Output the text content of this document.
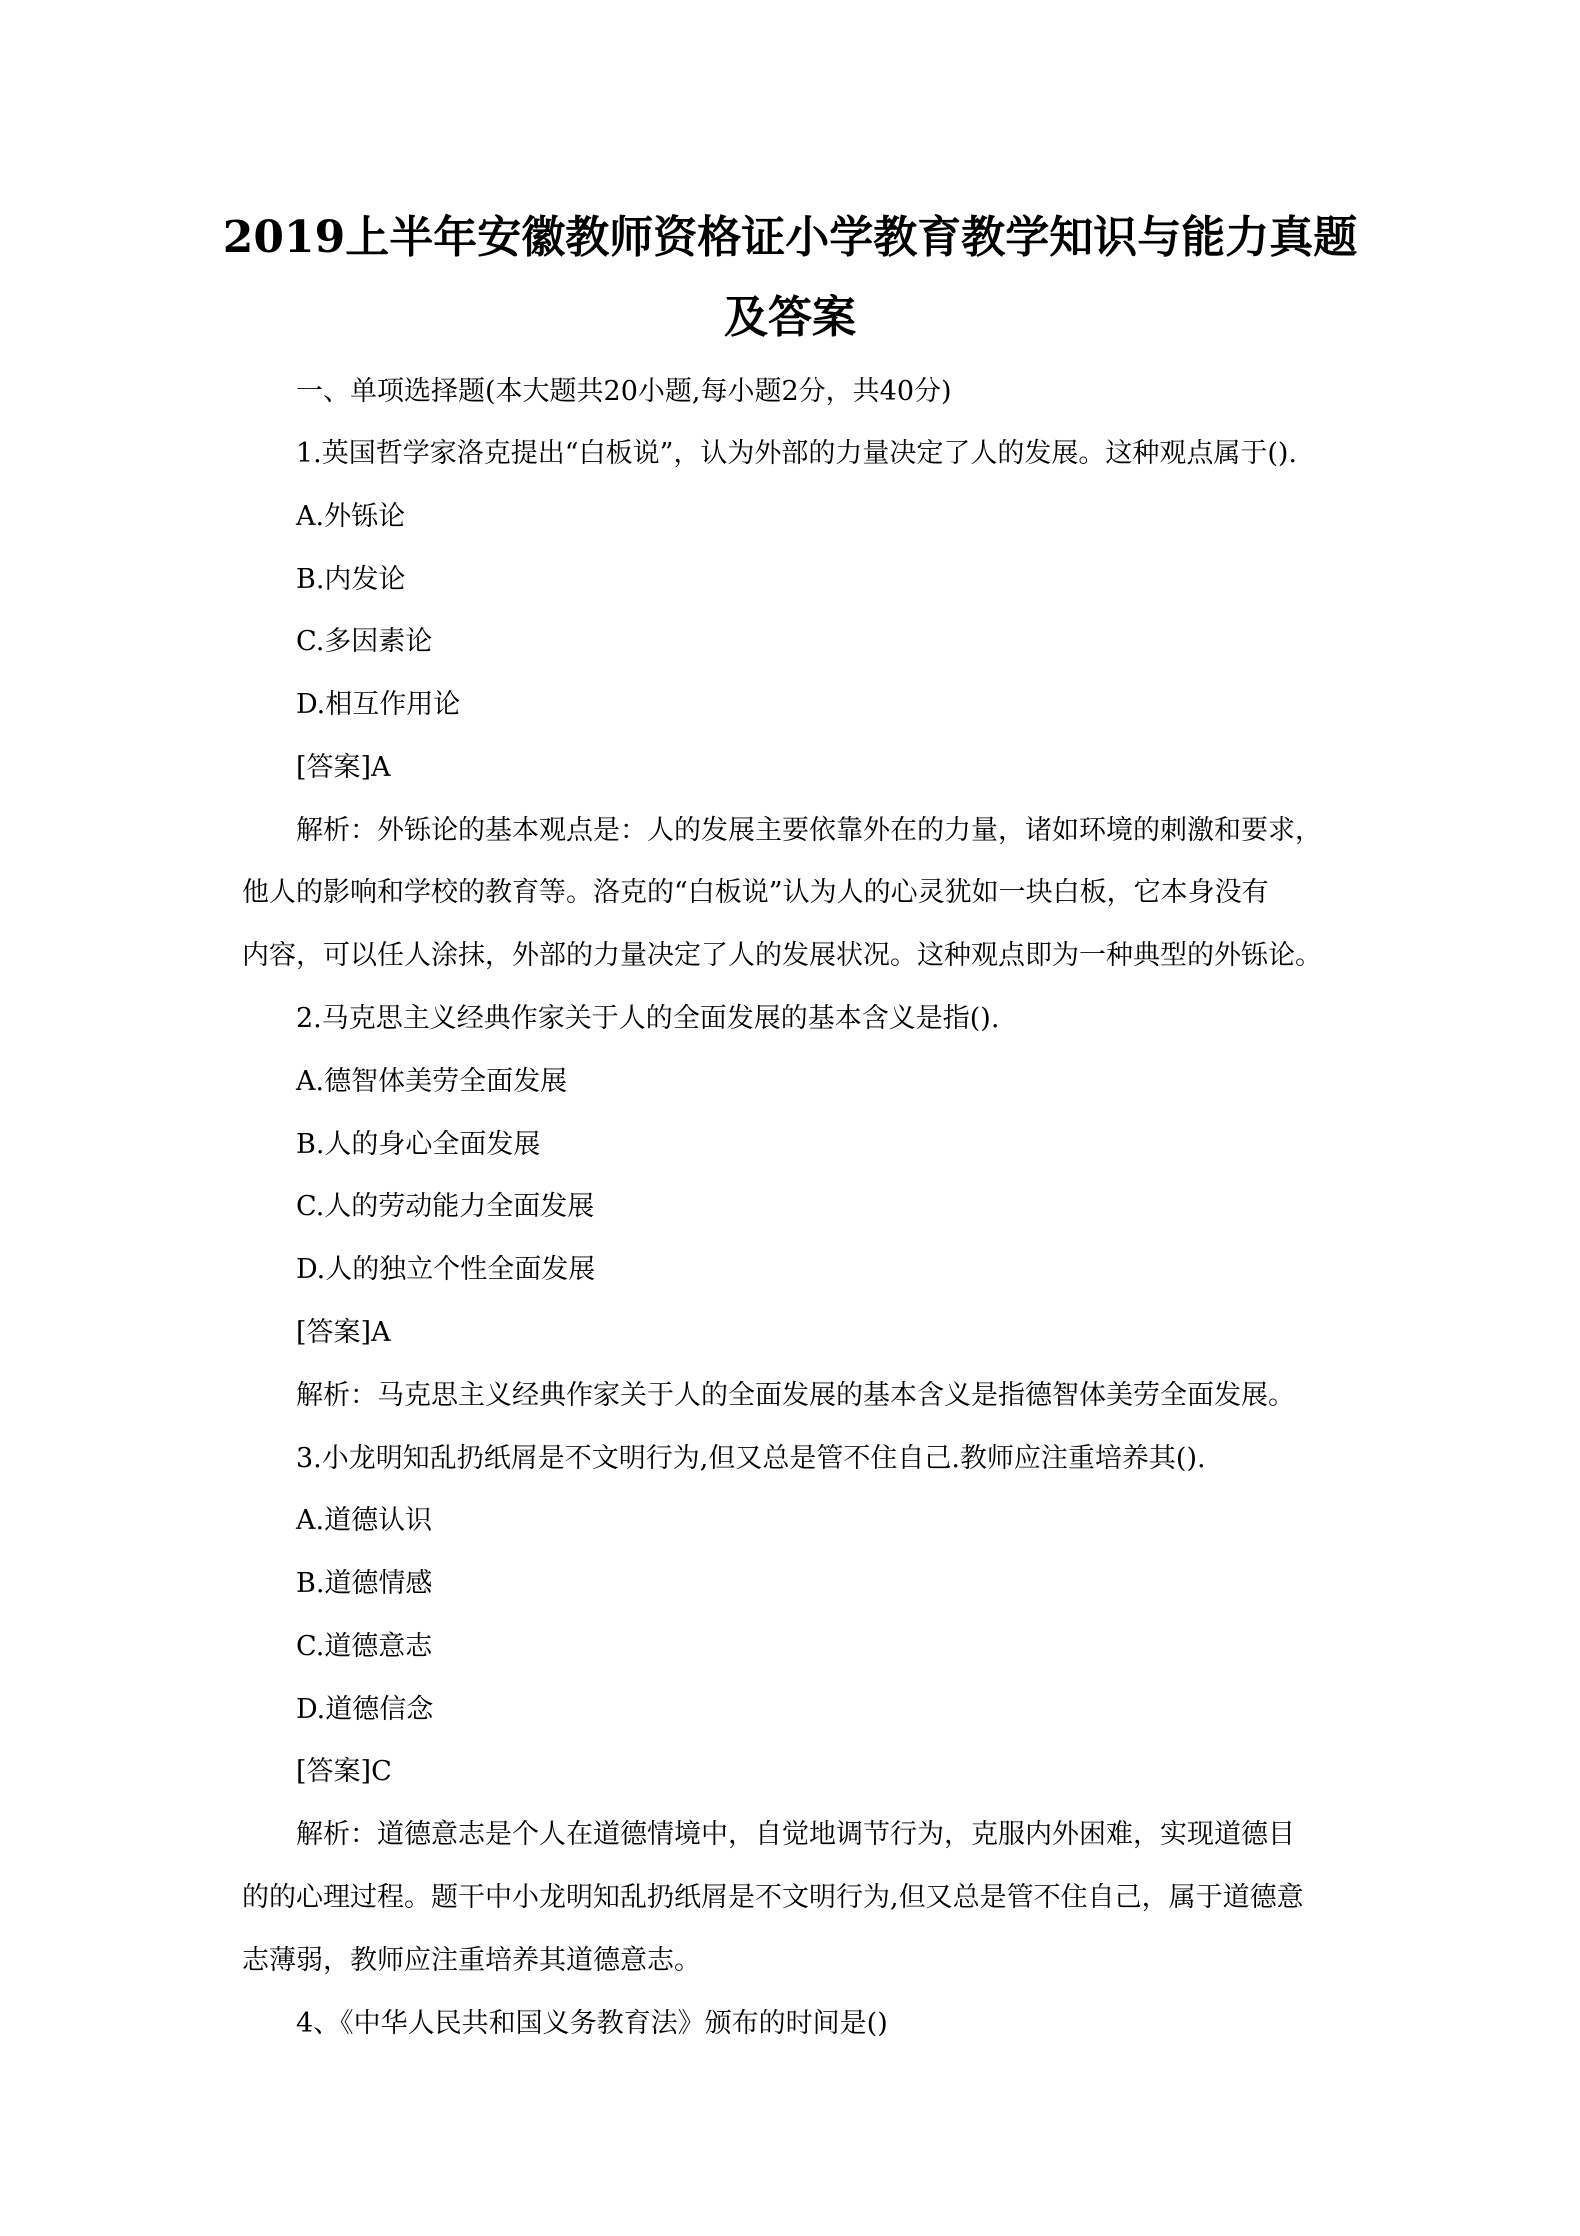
2019上半年安徽教师资格证小学教育教学知识与能力真题
及答案
一、单项选择题(本大题共20小题,每小题2分，共40分)
1.英国哲学家洛克提出“白板说”，认为外部的力量决定了人的发展。这种观点属于().
A.外铄论
B.内发论
C.多因素论
D.相互作用论
[答案]A
解析：外铄论的基本观点是：人的发展主要依靠外在的力量，诸如环境的刺激和要求，
他人的影响和学校的教育等。洛克的“白板说”认为人的心灵犹如一块白板，它本身没有
内容，可以任人涂抹，外部的力量决定了人的发展状况。这种观点即为一种典型的外铄论。
2.马克思主义经典作家关于人的全面发展的基本含义是指().
A.德智体美劳全面发展
B.人的身心全面发展
C.人的劳动能力全面发展
D.人的独立个性全面发展
[答案]A
解析：马克思主义经典作家关于人的全面发展的基本含义是指德智体美劳全面发展。
3.小龙明知乱扔纸屑是不文明行为,但又总是管不住自己.教师应注重培养其().
A.道德认识
B.道德情感
C.道德意志
D.道德信念
[答案]C
解析：道德意志是个人在道德情境中，自觉地调节行为，克服内外困难，实现道德目
的的心理过程。题干中小龙明知乱扔纸屑是不文明行为,但又总是管不住自己，属于道德意
志薄弱，教师应注重培养其道德意志。
4、《中华人民共和国义务教育法》颁布的时间是()
